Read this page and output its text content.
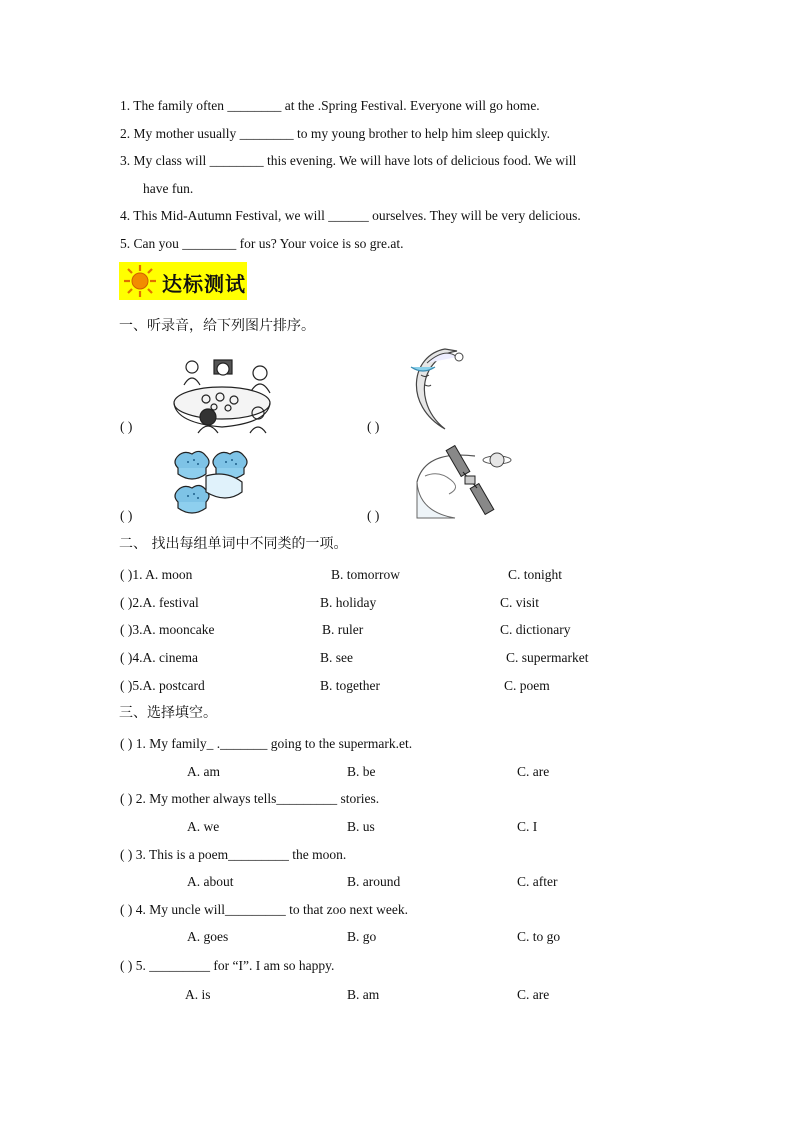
1. The family often ________ at the .Spring Festival. Everyone will go home.
2. My mother usually ________ to my young brother to help him sleep quickly.
3. My class will ________ this evening. We will have lots of delicious food. We will
have fun.
4. This Mid-Autumn Festival, we will ______ ourselves. They will be very delicious.
5. Can you ________ for us? Your voice is so gre.at.
达标测试
一、听录音，给下列图片排序。
( )	( )
( )	( )
二、 找出每组单词中不同类的一项。
( )1. A. moon	B. tomorrow	C. tonight
( )2.A. festival	B. holiday	C. visit
( )3.A. mooncake	B. ruler	C. dictionary
( )4.A. cinema	B. see	C. supermarket
( )5.A. postcard	B. together	C. poem
三、选择填空。
( ) 1. My family_ ._______ going to the supermark.et.
A. am	B. be	C. are
( ) 2. My mother always tells_________ stories.
A. we	B. us	C. I
( ) 3. This is a poem_________ the moon.
A. about	B. around	C. after
( ) 4. My uncle will_________ to that zoo next week.
A. goes	B. go	C. to go
( ) 5. _________ for “I”. I am so happy.
A. is	B. am	C. are
